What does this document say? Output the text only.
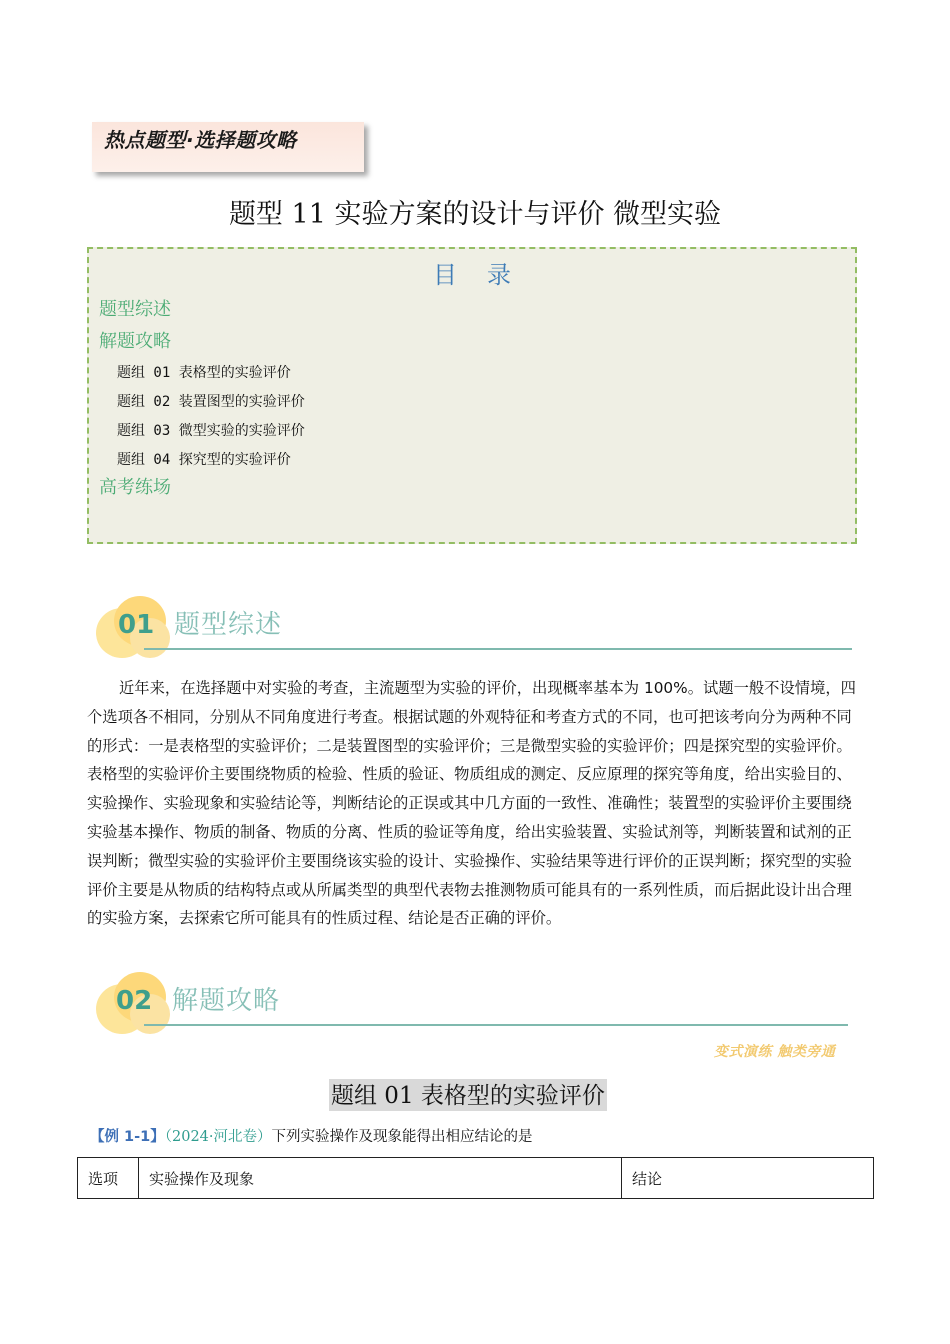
热点题型·选择题攻略
题型 11 实验方案的设计与评价 微型实验
目录
题型综述
解题攻略
题组 01 表格型的实验评价
题组 02 装置图型的实验评价
题组 03 微型实验的实验评价
题组 04 探究型的实验评价
高考练场
01 题型综述
近年来，在选择题中对实验的考查，主流题型为实验的评价，出现概率基本为 100%。试题一般不设情境，四个选项各不相同，分别从不同角度进行考查。根据试题的外观特征和考查方式的不同，也可把该考向分为两种不同的形式：一是表格型的实验评价；二是装置图型的实验评价；三是微型实验的实验评价；四是探究型的实验评价。表格型的实验评价主要围绕物质的检验、性质的验证、物质组成的测定、反应原理的探究等角度，给出实验目的、实验操作、实验现象和实验结论等，判断结论的正误或其中几方面的一致性、准确性；装置型的实验评价主要围绕实验基本操作、物质的制备、物质的分离、性质的验证等角度，给出实验装置、实验试剂等，判断装置和试剂的正误判断；微型实验的实验评价主要围绕该实验的设计、实验操作、实验结果等进行评价的正误判断；探究型的实验评价主要是从物质的结构特点或从所属类型的典型代表物去推测物质可能具有的一系列性质，而后据此设计出合理的实验方案，去探索它所可能具有的性质过程、结论是否正确的评价。
02 解题攻略
变式演练 触类旁通
题组 01 表格型的实验评价
【例 1-1】（2024·河北卷）下列实验操作及现象能得出相应结论的是
选项	实验操作及现象	结论
